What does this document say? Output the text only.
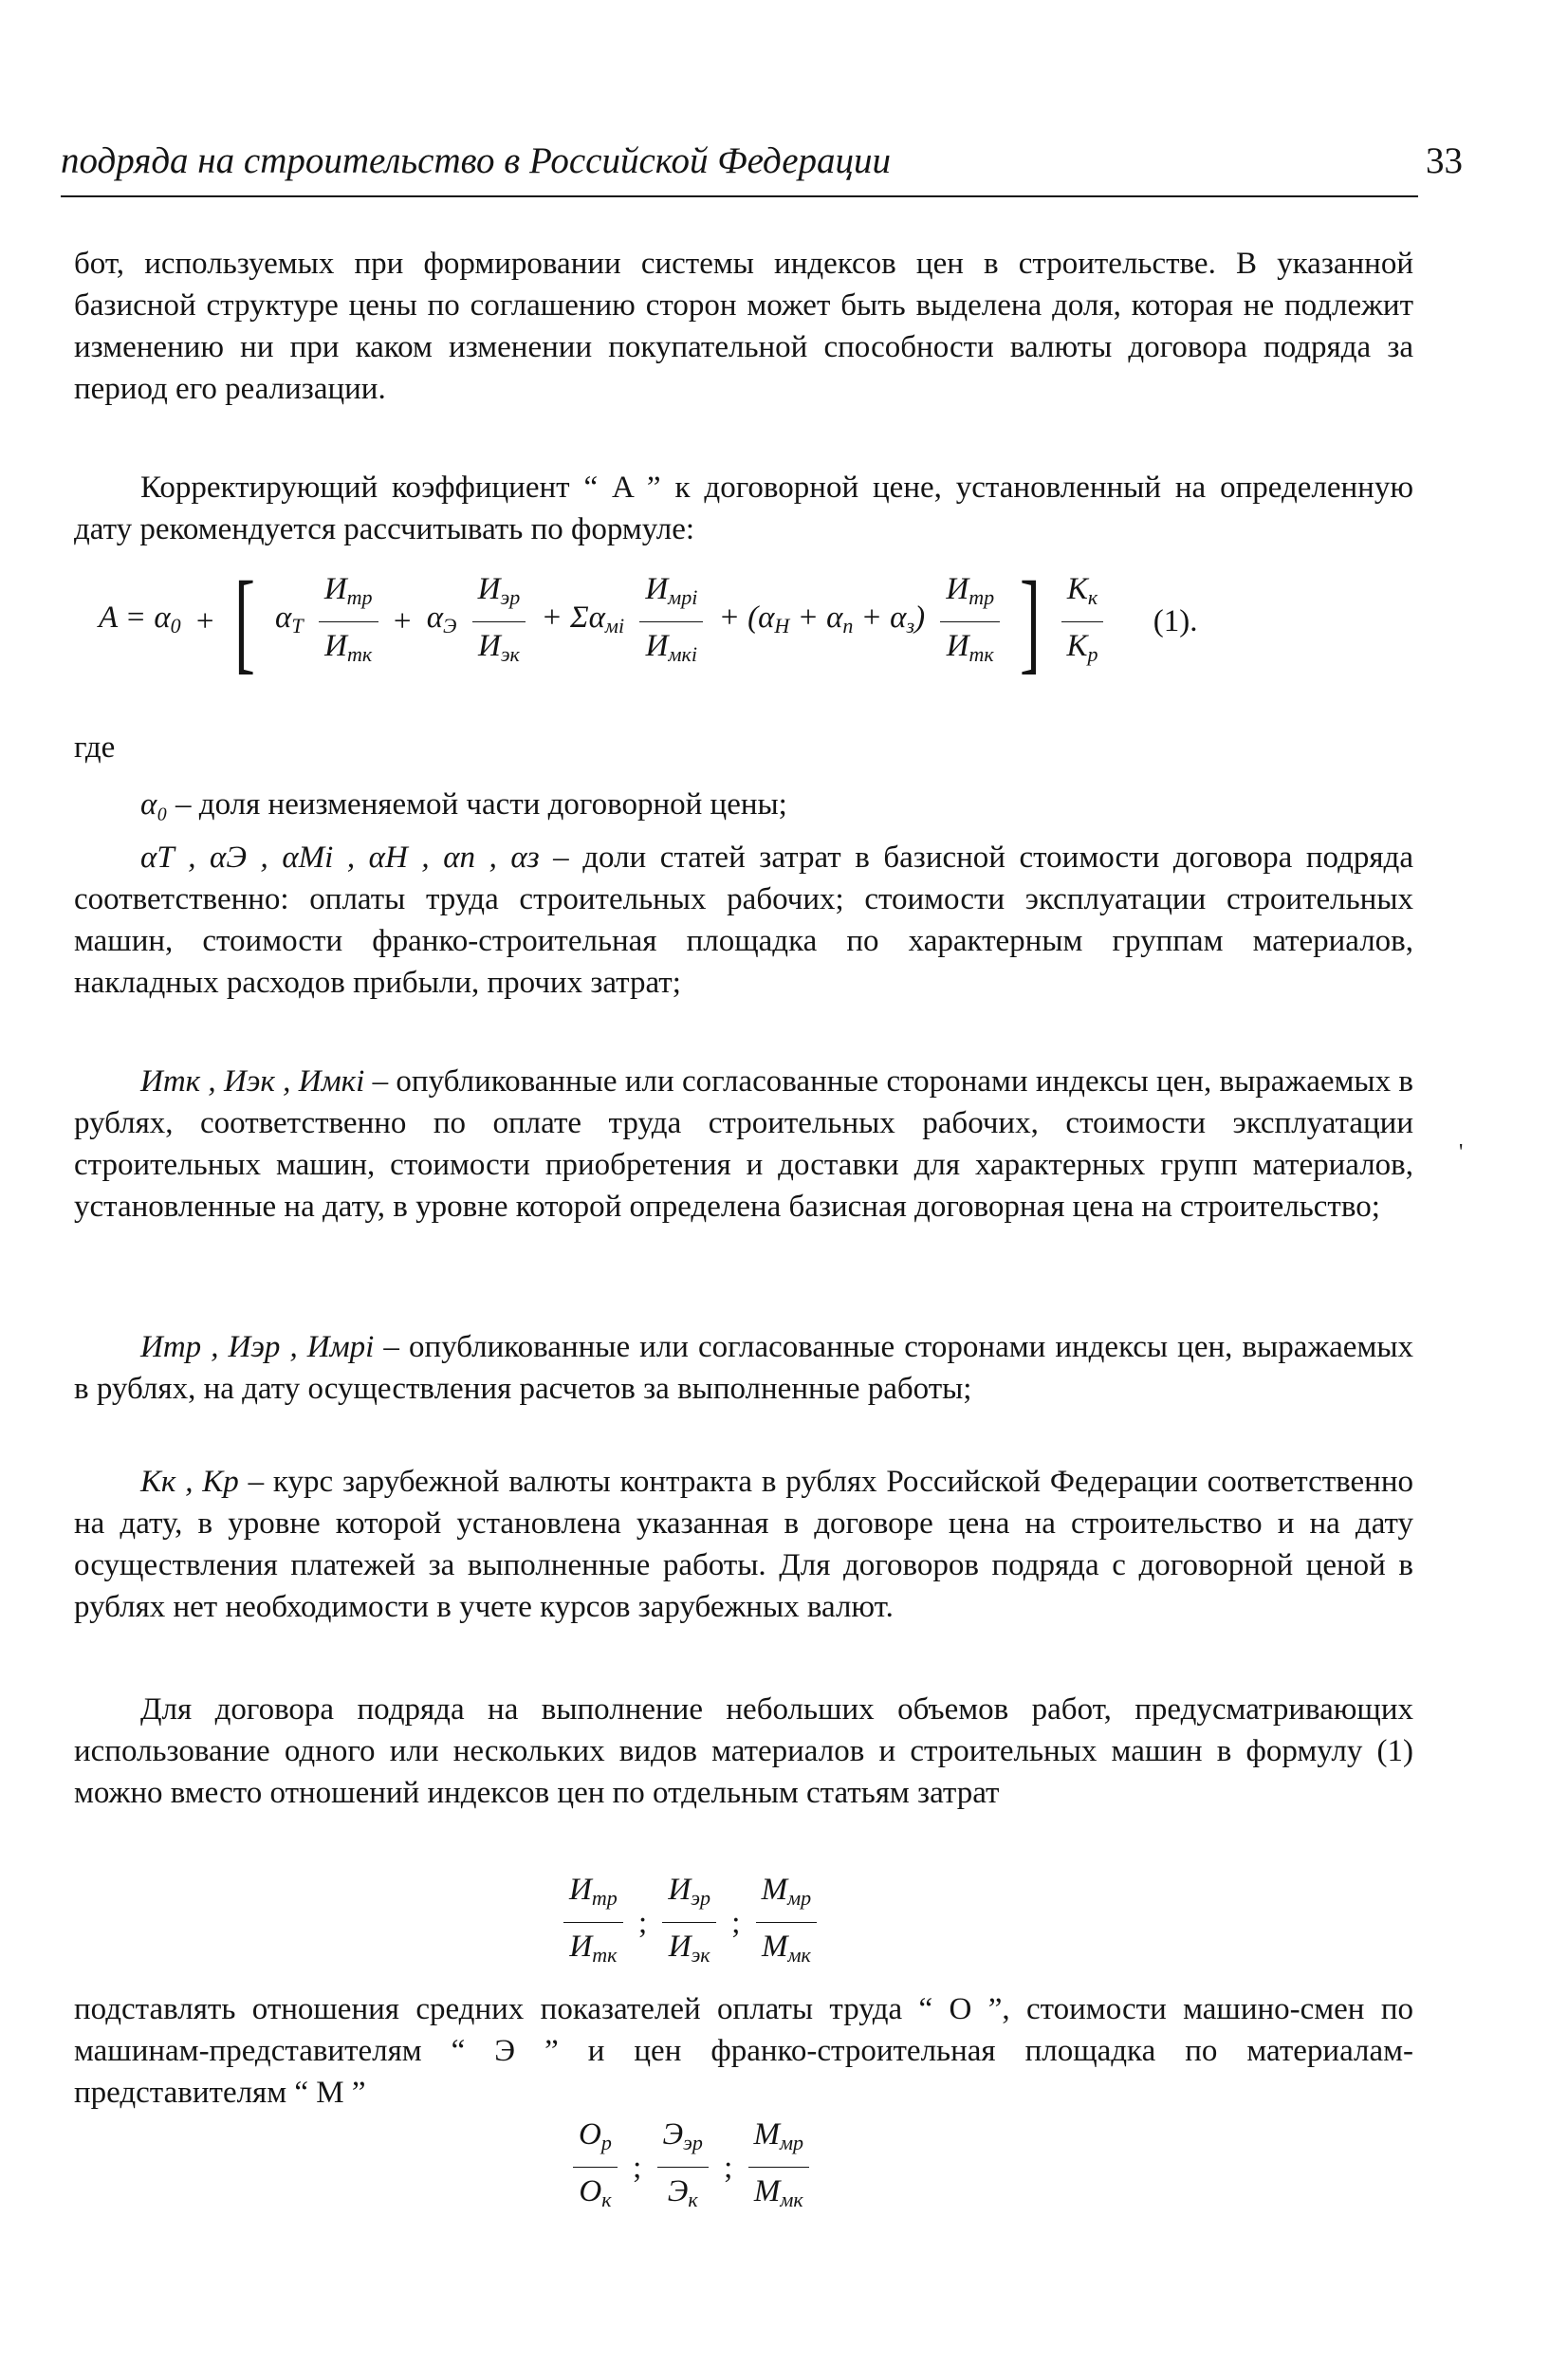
подряда на строительство в Российской Федерации	33

бот, используемых при формировании системы индексов цен в строительстве. В указанной базисной структуре цены по соглашению сторон может быть выделена доля, которая не подлежит изменению ни при каком изменении покупательной способности валюты договора подряда за период его реализации.

Корректирующий коэффициент “ A ” к договорной цене, установленный на определенную дату рекомендуется рассчитывать по формуле:

$A = \alpha_0$ + [ $\alpha_Т \frac{И_{тр}}{И_{тк}} + \alpha_Э \frac{И_{эр}}{И_{эк}} + \Sigma\alpha_{мi} \frac{И_{мрi}}{И_{мкi}} + (\alpha_Н + \alpha_п + \alpha_з) \frac{И_{тр}}{И_{тк}}$ ] $\frac{К_к}{К_р} (1)$.

где

α₀ – доля неизменяемой части договорной цены;

αТ , αЭ , αМi , αН , αп , αз – доли статей затрат в базисной стоимости договора подряда соответственно: оплаты труда строительных рабочих; стоимости эксплуатации строительных машин, стоимости франко-строительная площадка по характерным группам материалов, накладных расходов прибыли, прочих затрат;

Итк , Иэк , Имкi – опубликованные или согласованные сторонами индексы цен, выражаемых в рублях, соответственно по оплате труда строительных рабочих, стоимости эксплуатации строительных машин, стоимости приобретения и доставки для характерных групп материалов, установленные на дату, в уровне которой определена базисная договорная цена на строительство;

Итр , Иэр , Имрi – опубликованные или согласованные сторонами индексы цен, выражаемых в рублях, на дату осуществления расчетов за выполненные работы;

Кк , Кр – курс зарубежной валюты контракта в рублях Российской Федерации соответственно на дату, в уровне которой установлена указанная в договоре цена на строительство и на дату осуществления платежей за выполненные работы. Для договоров подряда с договорной ценой в рублях нет необходимости в учете курсов зарубежных валют.

Для договора подряда на выполнение небольших объемов работ, предусматривающих использование одного или нескольких видов материалов и строительных машин в формулу (1) можно вместо отношений индексов цен по отдельным статьям затрат

$\frac{И_{тр}}{И_{тк}}$ ; $\frac{И_{эр}}{И_{эк}}$ ; $\frac{М_{мр}}{М_{мк}}$

подставлять отношения средних показателей оплаты труда “ О ”, стоимости машино-смен по машинам-представителям “ Э ” и цен франко-строительная площадка по материалам-представителям “ М ”

$\frac{О_р}{О_к}$ ; $\frac{Э_{эр}}{Э_к}$ ; $\frac{М_{мр}}{М_{мк}}$
'
